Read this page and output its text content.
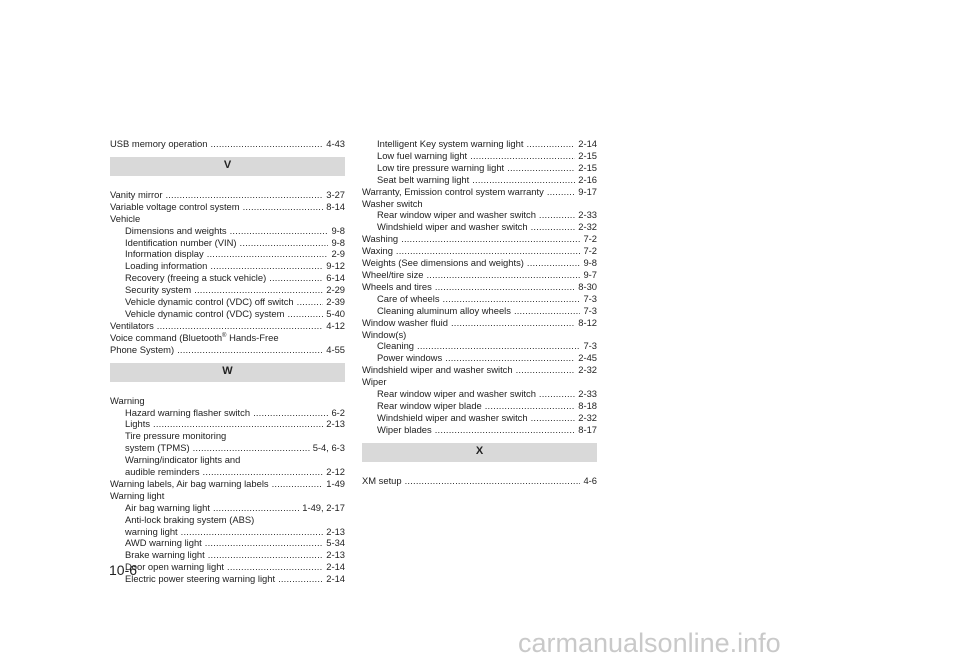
USB memory operation .....	4-43
V
Vanity mirror .....	3-27
Variable voltage control system .....	8-14
Vehicle
Dimensions and weights .....	9-8
Identification number (VIN) .....	9-8
Information display .....	2-9
Loading information .....	9-12
Recovery (freeing a stuck vehicle) .....	6-14
Security system .....	2-29
Vehicle dynamic control (VDC) off switch .....	2-39
Vehicle dynamic control (VDC) system .....	5-40
Ventilators .....	4-12
Voice command (Bluetooth® Hands-Free
Phone System) .....	4-55
W
Warning
Hazard warning flasher switch .....	6-2
Lights .....	2-13
Tire pressure monitoring
system (TPMS) .....	5-4, 6-3
Warning/indicator lights and
audible reminders .....	2-12
Warning labels, Air bag warning labels .....	1-49
Warning light
Air bag warning light .....	1-49, 2-17
Anti-lock braking system (ABS)
warning light .....	2-13
AWD warning light .....	5-34
Brake warning light .....	2-13
Door open warning light .....	2-14
Electric power steering warning light .....	2-14
Intelligent Key system warning light .....	2-14
Low fuel warning light .....	2-15
Low tire pressure warning light .....	2-15
Seat belt warning light .....	2-16
Warranty, Emission control system warranty .....	9-17
Washer switch
Rear window wiper and washer switch .....	2-33
Windshield wiper and washer switch .....	2-32
Washing .....	7-2
Waxing .....	7-2
Weights (See dimensions and weights) .....	9-8
Wheel/tire size .....	9-7
Wheels and tires .....	8-30
Care of wheels .....	7-3
Cleaning aluminum alloy wheels .....	7-3
Window washer fluid .....	8-12
Window(s)
Cleaning .....	7-3
Power windows .....	2-45
Windshield wiper and washer switch .....	2-32
Wiper
Rear window wiper and washer switch .....	2-33
Rear window wiper blade .....	8-18
Windshield wiper and washer switch .....	2-32
Wiper blades .....	8-17
X
XM setup .....	4-6
10-6
carmanualsonline.info
